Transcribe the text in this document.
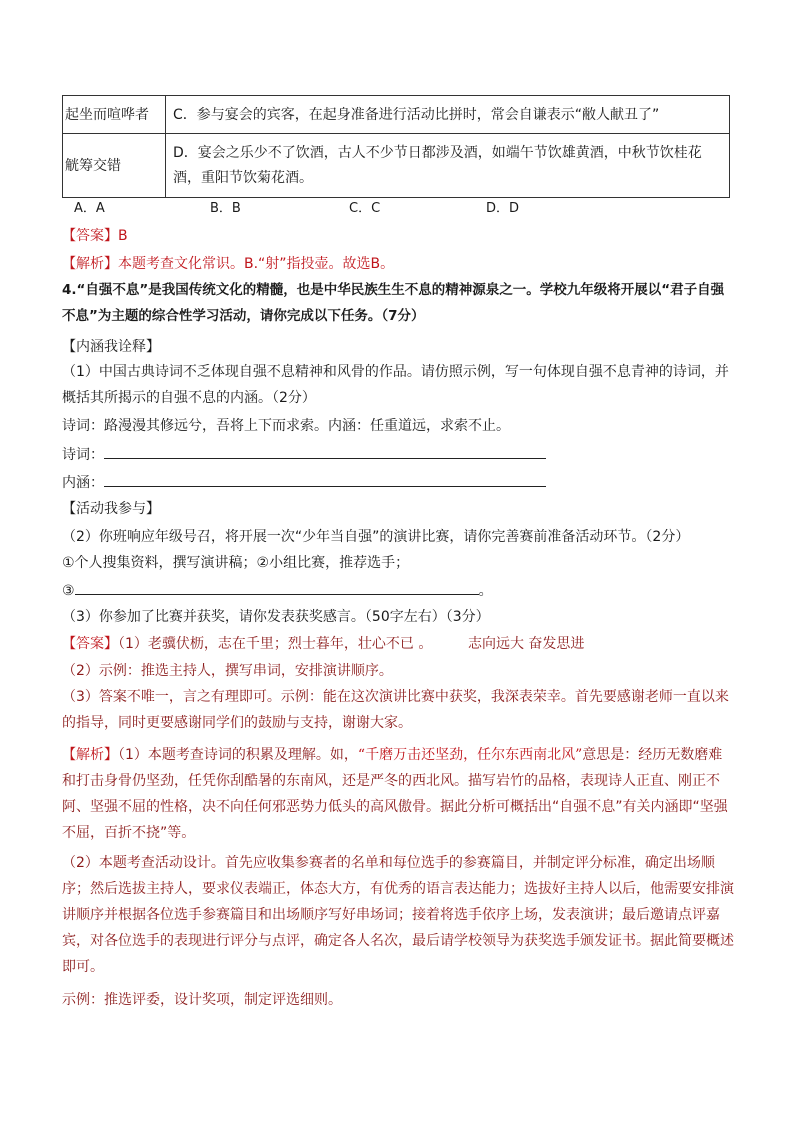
起坐而喧哗者	C．参与宴会的宾客，在起身准备进行活动比拼时，常会自谦表示“敝人献丑了”
觥筹交错	D．宴会之乐少不了饮酒，古人不少节日都涉及酒，如端午节饮雄黄酒，中秋节饮桂花酒，重阳节饮菊花酒。
A．A	B．B	C．C	D．D
【答案】B
【解析】本题考查文化常识。B.“射”指投壶。故选B。
4.“自强不息”是我国传统文化的精髓，也是中华民族生生不息的精神源泉之一。学校九年级将开展以“君子自强不息”为主题的综合性学习活动，请你完成以下任务。（7分）
【内涵我诠释】
（1）中国古典诗词不乏体现自强不息精神和风骨的作品。请仿照示例，写一句体现自强不息青神的诗词，并概括其所揭示的自强不息的内涵。（2分）
诗词：路漫漫其修远兮，吾将上下而求索。内涵：任重道远，求索不止。
诗词：
内涵：
【活动我参与】
（2）你班响应年级号召，将开展一次“少年当自强”的演讲比赛，请你完善赛前准备活动环节。（2分）
①个人搜集资料，撰写演讲稿；②小组比赛，推荐选手；
③	。
（3）你参加了比赛并获奖，请你发表获奖感言。（50字左右）（3分）
【答案】（1）老骥伏枥，志在千里；烈士暮年，壮心不已 。        志向远大 奋发思进
（2）示例：推选主持人，撰写串词，安排演讲顺序。
（3）答案不唯一，言之有理即可。示例：能在这次演讲比赛中获奖，我深表荣幸。首先要感谢老师一直以来的指导，同时更要感谢同学们的鼓励与支持，谢谢大家。
【解析】（1）本题考查诗词的积累及理解。如，“千磨万击还坚劲，任尔东西南北风”意思是：经历无数磨难和打击身骨仍坚劲，任凭你刮酷暑的东南风，还是严冬的西北风。描写岩竹的品格，表现诗人正直、刚正不阿、坚强不屈的性格，决不向任何邪恶势力低头的高风傲骨。据此分析可概括出“自强不息”有关内涵即“坚强不屈，百折不挠”等。
（2）本题考查活动设计。首先应收集参赛者的名单和每位选手的参赛篇目，并制定评分标准，确定出场顺序；然后选拔主持人，要求仪表端正，体态大方，有优秀的语言表达能力；选拔好主持人以后，他需要安排演讲顺序并根据各位选手参赛篇目和出场顺序写好串场词；接着将选手依序上场，发表演讲；最后邀请点评嘉宾，对各位选手的表现进行评分与点评，确定各人名次，最后请学校领导为获奖选手颁发证书。据此简要概述即可。
示例：推选评委，设计奖项，制定评选细则。
